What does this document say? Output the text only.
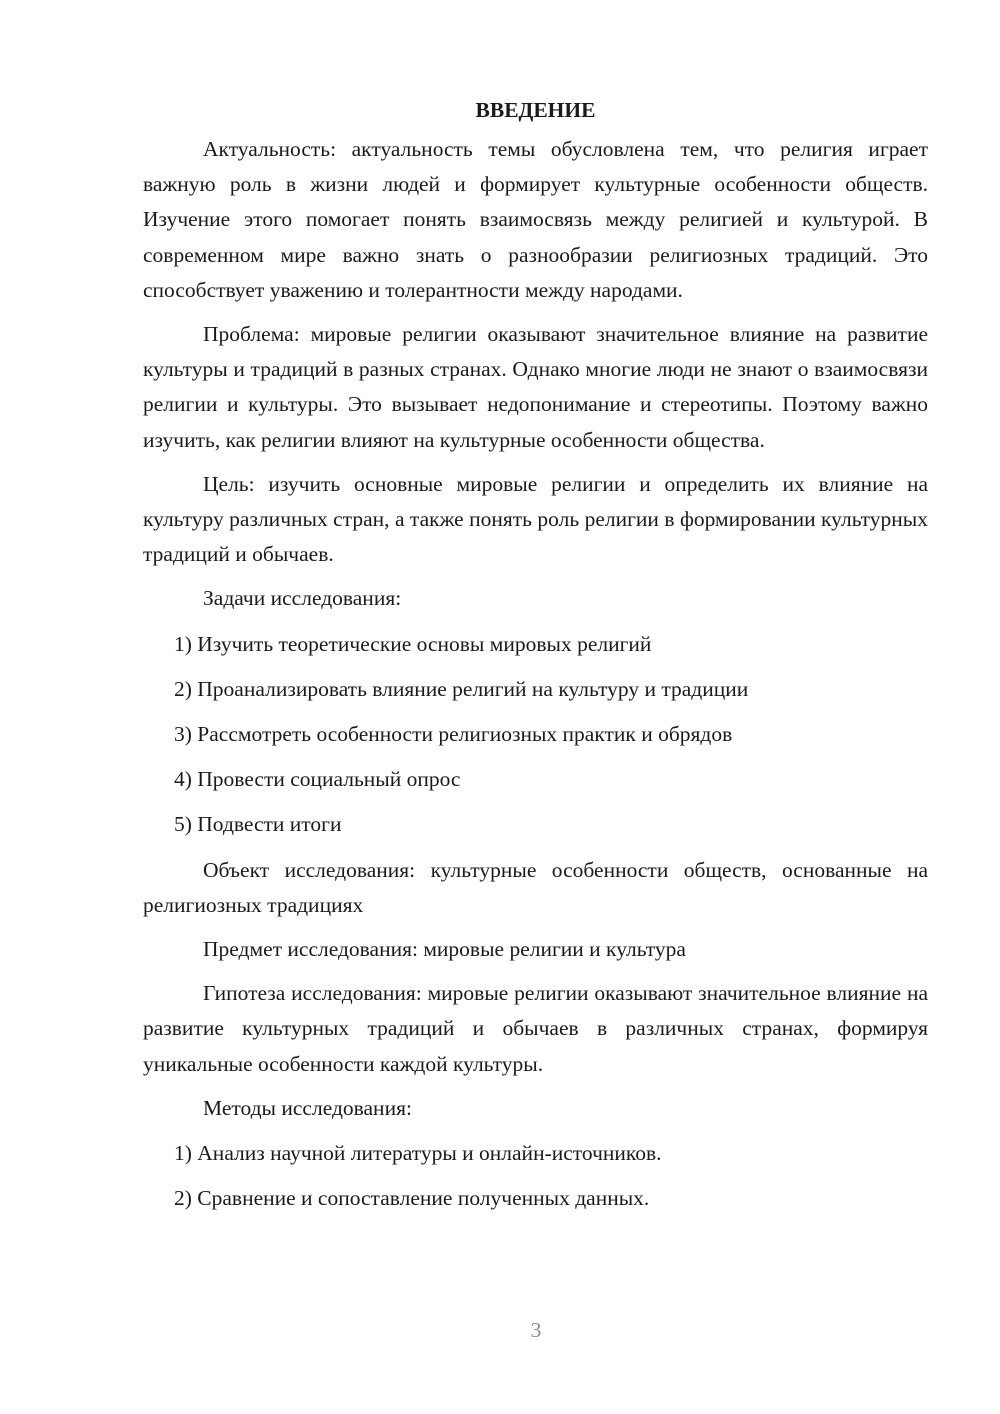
ВВЕДЕНИЕ

Актуальность: актуальность темы обусловлена тем, что религия играет важную роль в жизни людей и формирует культурные особенности обществ. Изучение этого помогает понять взаимосвязь между религией и культурой. В современном мире важно знать о разнообразии религиозных традиций. Это способствует уважению и толерантности между народами.

Проблема: мировые религии оказывают значительное влияние на развитие культуры и традиций в разных странах. Однако многие люди не знают о взаимосвязи религии и культуры. Это вызывает недопонимание и стереотипы. Поэтому важно изучить, как религии влияют на культурные особенности общества.

Цель: изучить основные мировые религии и определить их влияние на культуру различных стран, а также понять роль религии в формировании культурных традиций и обычаев.

Задачи исследования:

1) Изучить теоретические основы мировых религий

2) Проанализировать влияние религий на культуру и традиции

3) Рассмотреть особенности религиозных практик и обрядов

4) Провести социальный опрос

5) Подвести итоги

Объект исследования: культурные особенности обществ, основанные на религиозных традициях

Предмет исследования: мировые религии и культура

Гипотеза исследования: мировые религии оказывают значительное влияние на развитие культурных традиций и обычаев в различных странах, формируя уникальные особенности каждой культуры.

Методы исследования:

1) Анализ научной литературы и онлайн-источников.

2) Сравнение и сопоставление полученных данных.

3
